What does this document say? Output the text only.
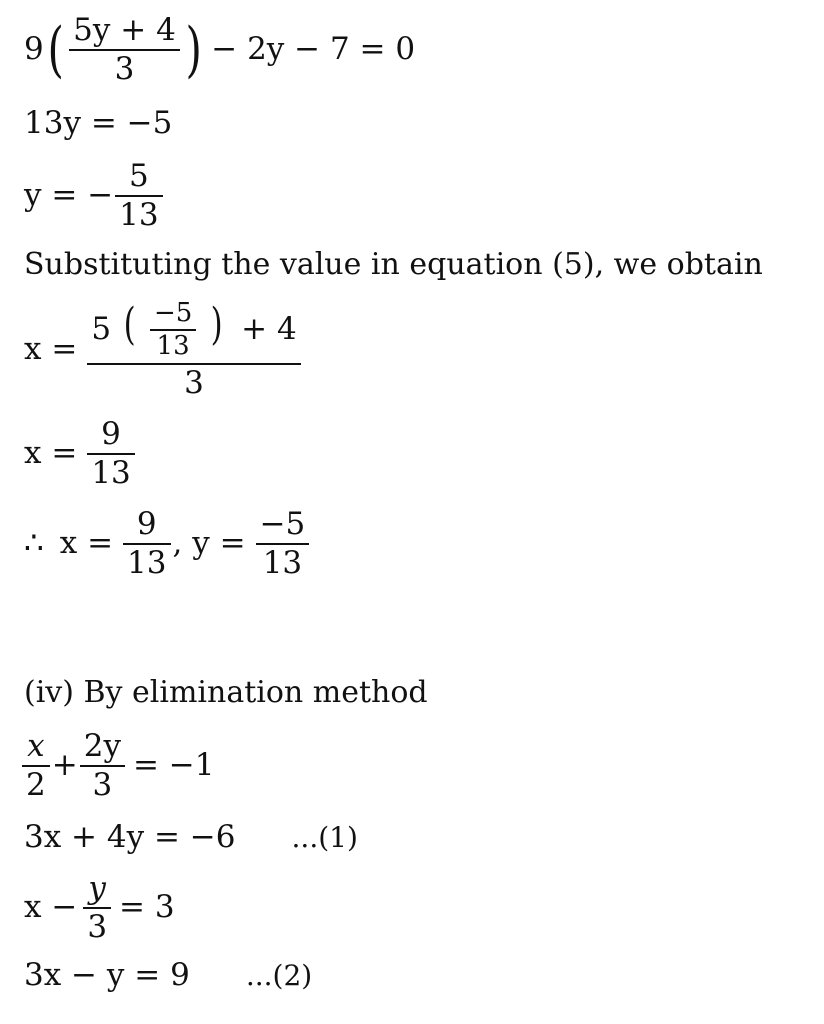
9 ( $\frac{5y + 4}{3}$ ) − 2y − 7 = 0
13y = −5
y = − $\frac{5}{13}$
Substituting the value in equation (5), we obtain
x =
5 ( $\frac{-5}{13}$ ) + 4
3
$x = \frac{9}{13}$
∴ $x = \frac{9}{13}$ , $y = \frac{-5}{13}$
(iv) By elimination method
$\frac{x}{2} + \frac{2y}{3} = -1$
3x + 4y = −6 ...(1)
$x - \frac{y}{3} = 3$
3x − y = 9 ...(2)
